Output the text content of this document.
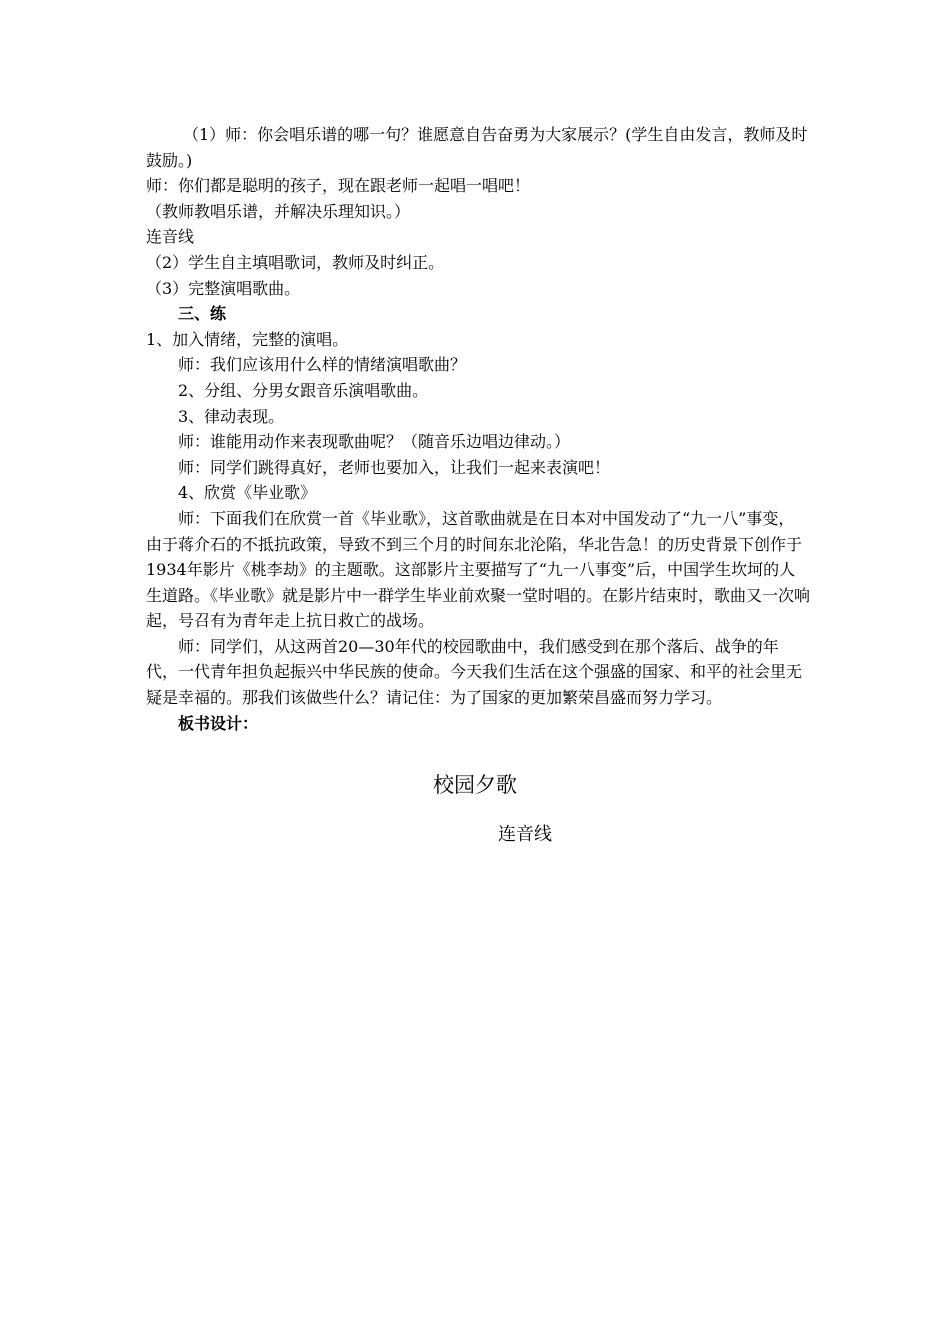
（1）师：你会唱乐谱的哪一句？谁愿意自告奋勇为大家展示？(学生自由发言，教师及时鼓励。)

师：你们都是聪明的孩子，现在跟老师一起唱一唱吧！

（教师教唱乐谱，并解决乐理知识。）

连音线

（2）学生自主填唱歌词，教师及时纠正。

（3）完整演唱歌曲。

三、练

1、加入情绪，完整的演唱。

师：我们应该用什么样的情绪演唱歌曲？

2、分组、分男女跟音乐演唱歌曲。

3、律动表现。

师：谁能用动作来表现歌曲呢？（随音乐边唱边律动。）

师：同学们跳得真好，老师也要加入，让我们一起来表演吧！

4、欣赏《毕业歌》

师：下面我们在欣赏一首《毕业歌》，这首歌曲就是在日本对中国发动了“九一八”事变，由于蒋介石的不抵抗政策，导致不到三个月的时间东北沦陷，华北告急！的历史背景下创作于1934年影片《桃李劫》的主题歌。这部影片主要描写了“九一八事变”后，中国学生坎坷的人生道路。《毕业歌》就是影片中一群学生毕业前欢聚一堂时唱的。在影片结束时，歌曲又一次响起，号召有为青年走上抗日救亡的战场。

师：同学们，从这两首20—30年代的校园歌曲中，我们感受到在那个落后、战争的年代，一代青年担负起振兴中华民族的使命。今天我们生活在这个强盛的国家、和平的社会里无疑是幸福的。那我们该做些什么？请记住：为了国家的更加繁荣昌盛而努力学习。

板书设计：

校园夕歌
连音线
